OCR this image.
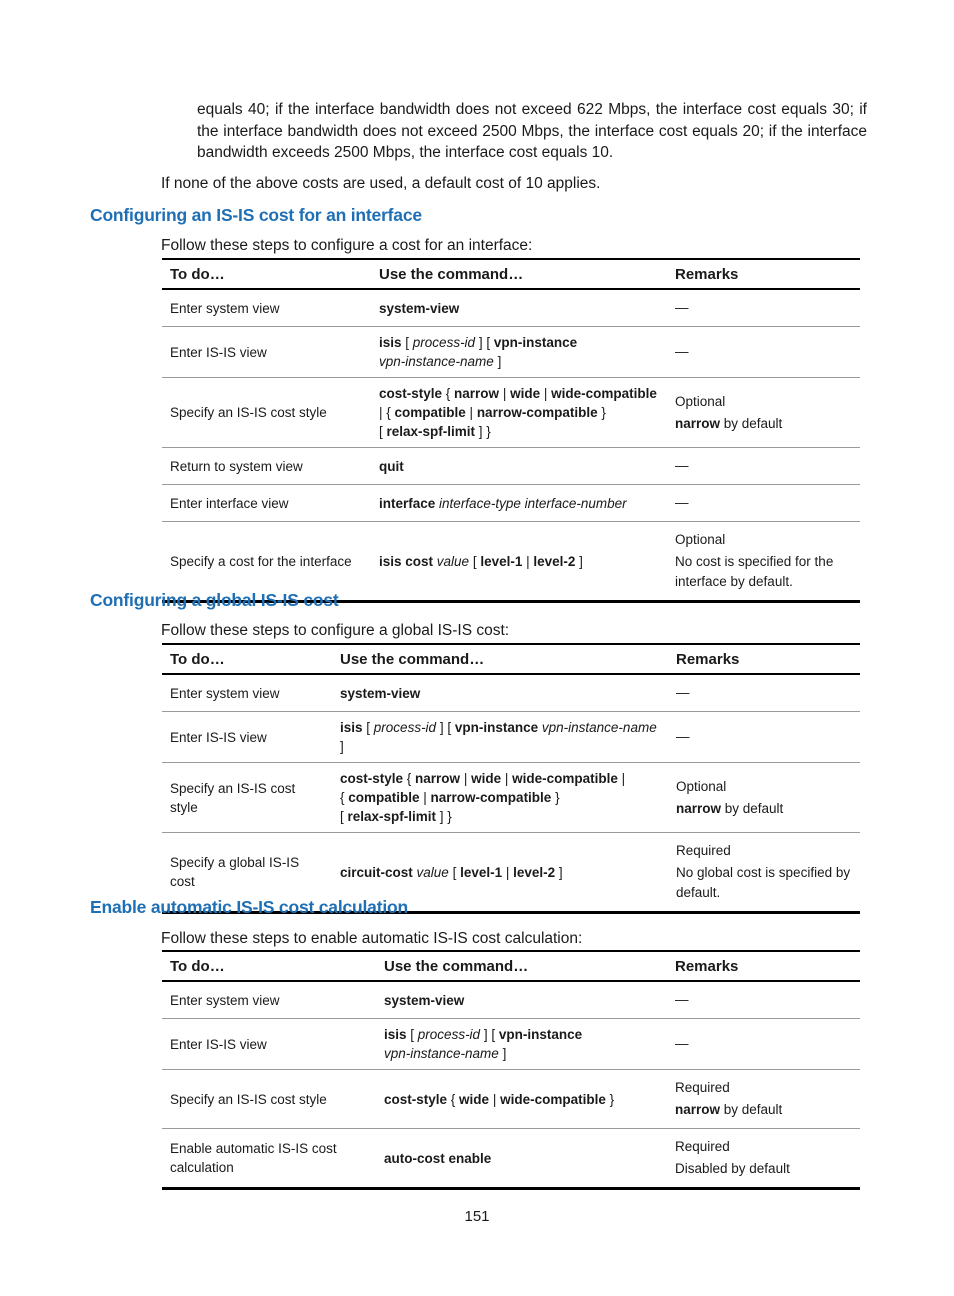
equals 40; if the interface bandwidth does not exceed 622 Mbps, the interface cost equals 30; if
the interface bandwidth does not exceed 2500 Mbps, the interface cost equals 20; if the interface
bandwidth exceeds 2500 Mbps, the interface cost equals 10.
If none of the above costs are used, a default cost of 10 applies.
Configuring an IS-IS cost for an interface
Follow these steps to configure a cost for an interface:
To do…	Use the command…	Remarks
Enter system view	system-view	—

Enter IS-IS view	isis [ process-id ] [ vpn-instance
vpn-instance-name ]	—

Specify an IS-IS cost style	cost-style { narrow | wide | wide-compatible
| { compatible | narrow-compatible }
[ relax-spf-limit ] }	Optional
narrow by default

Return to system view	quit	—

Enter interface view	interface interface-type interface-number	—

Specify a cost for the interface	isis cost value [ level-1 | level-2 ]	Optional
No cost is specified for the interface by default.
Configuring a global IS-IS cost
Follow these steps to configure a global IS-IS cost:
To do…	Use the command…	Remarks
Enter system view	system-view	—

Enter IS-IS view	isis [ process-id ] [ vpn-instance vpn-instance-name ]	—

Specify an IS-IS cost style	cost-style { narrow | wide | wide-compatible |
{ compatible | narrow-compatible }
[ relax-spf-limit ] }	Optional
narrow by default

Specify a global IS-IS cost	circuit-cost value [ level-1 | level-2 ]	Required
No global cost is specified by default.
Enable automatic IS-IS cost calculation
Follow these steps to enable automatic IS-IS cost calculation:
To do…	Use the command…	Remarks
Enter system view	system-view	—

Enter IS-IS view	isis [ process-id ] [ vpn-instance
vpn-instance-name ]	—

Specify an IS-IS cost style	cost-style { wide | wide-compatible }	Required
narrow by default

Enable automatic IS-IS cost calculation	auto-cost enable	Required
Disabled by default
151
